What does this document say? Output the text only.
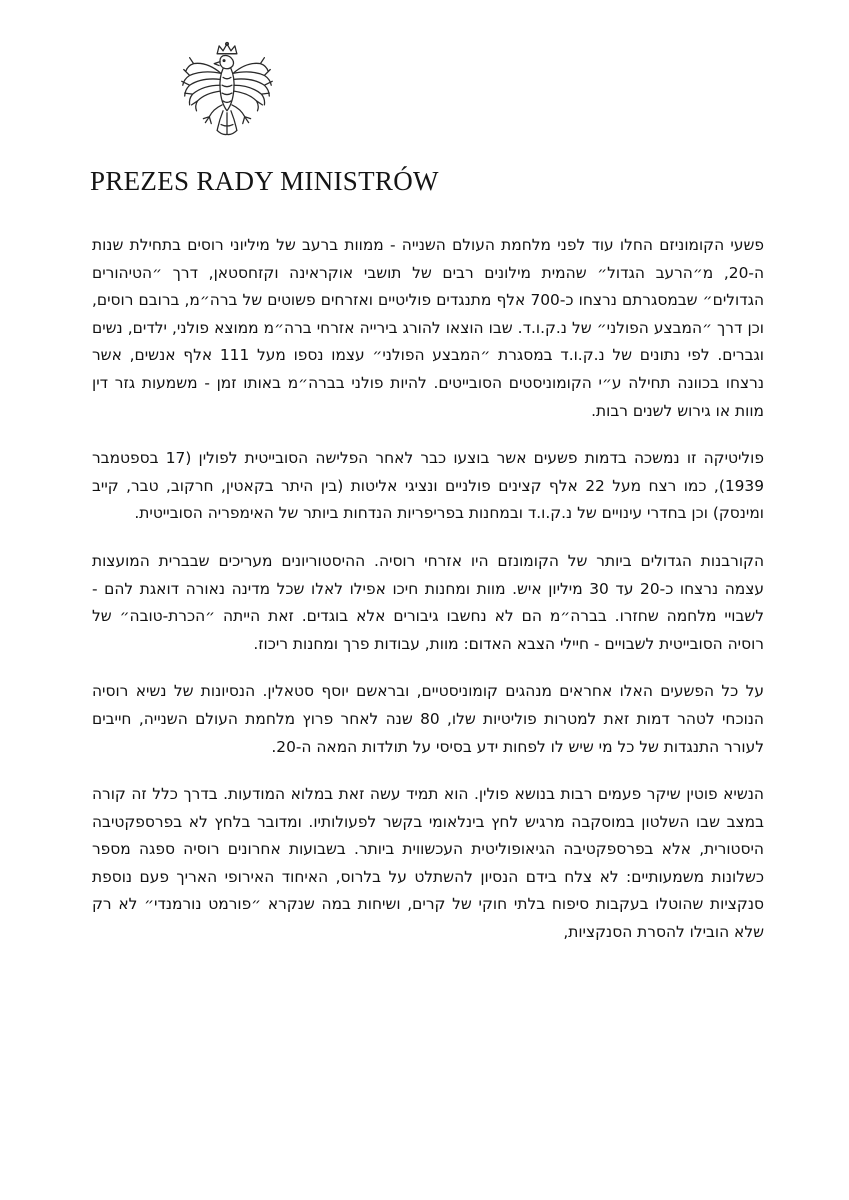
PREZES RADY MINISTRÓW

פשעי הקומוניזם החלו עוד לפני מלחמת העולם השנייה - ממוות ברעב של מיליוני רוסים בתחילת שנות ה-20, מ״הרעב הגדול״ שהמית מילונים רבים של תושבי אוקראינה וקזחסטאן, דרך ״הטיהורים הגדולים״ שבמסגרתם נרצחו כ-700 אלף מתנגדים פוליטיים ואזרחים פשוטים של ברה״מ, ברובם רוסים, וכן דרך ״המבצע הפולני״ של נ.ק.ו.ד. שבו הוצאו להורג בירייה אזרחי ברה״מ ממוצא פולני, ילדים, נשים וגברים. לפי נתונים של נ.ק.ו.ד במסגרת ״המבצע הפולני״ עצמו נספו מעל 111 אלף אנשים, אשר נרצחו בכוונה תחילה ע״י הקומוניסטים הסובייטים. להיות פולני בברה״מ באותו זמן - משמעות גזר דין מוות או גירוש לשנים רבות.

פוליטיקה זו נמשכה בדמות פשעים אשר בוצעו כבר לאחר הפלישה הסובייטית לפולין (17 בספטמבר 1939), כמו רצח מעל 22 אלף קצינים פולניים ונציגי אליטות (בין היתר בקאטין, חרקוב, טבר, קייב ומינסק) וכן בחדרי עינויים של נ.ק.ו.ד ובמחנות בפריפריות הנדחות ביותר של האימפריה הסובייטית.

הקורבנות הגדולים ביותר של הקומונזם היו אזרחי רוסיה. ההיסטוריונים מעריכים שבברית המועצות עצמה נרצחו כ-20 עד 30 מיליון איש. מוות ומחנות חיכו אפילו לאלו שכל מדינה נאורה דואגת להם - לשבויי מלחמה שחזרו. בברה״מ הם לא נחשבו גיבורים אלא בוגדים. זאת הייתה ״הכרת-טובה״ של רוסיה הסובייטית לשבויים - חיילי הצבא האדום: מוות, עבודות פרך ומחנות ריכוז.

על כל הפשעים האלו אחראים מנהגים קומוניסטיים, ובראשם יוסף סטאלין. הנסיונות של נשיא רוסיה הנוכחי לטהר דמות זאת למטרות פוליטיות שלו, 80 שנה לאחר פרוץ מלחמת העולם השנייה, חייבים לעורר התנגדות של כל מי שיש לו לפחות ידע בסיסי על תולדות המאה ה-20.

הנשיא פוטין שיקר פעמים רבות בנושא פולין. הוא תמיד עשה זאת במלוא המודעות. בדרך כלל זה קורה במצב שבו השלטון במוסקבה מרגיש לחץ בינלאומי בקשר לפעולותיו. ומדובר בלחץ לא בפרספקטיבה היסטורית, אלא בפרספקטיבה הגיאופוליטית העכשווית ביותר. בשבועות אחרונים רוסיה ספגה מספר כשלונות משמעותיים: לא צלח בידם הנסיון להשתלט על בלרוס, האיחוד האירופי האריך פעם נוספת סנקציות שהוטלו בעקבות סיפוח בלתי חוקי של קרים, ושיחות במה שנקרא ״פורמט נורמנדי״ לא רק שלא הובילו להסרת הסנקציות,
